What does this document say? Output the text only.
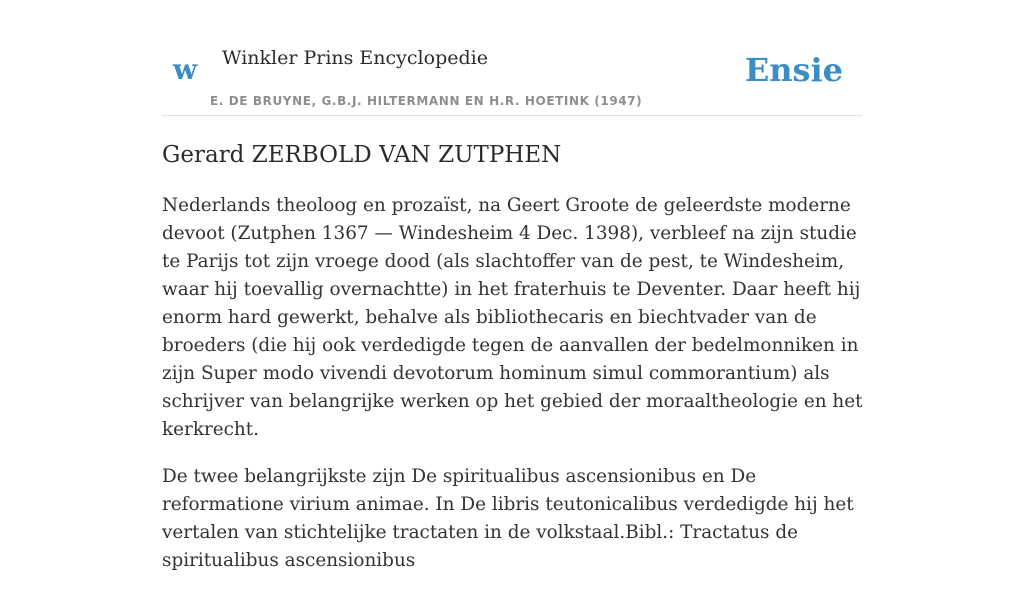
w Winkler Prins Encyclopedie
E. DE BRUYNE, G.B.J. HILTERMANN EN H.R. HOETINK (1947)
Ensie
Gerard ZERBOLD VAN ZUTPHEN

Nederlands theoloog en prozaïst, na Geert Groote de geleerdste moderne devoot (Zutphen 1367 — Windesheim 4 Dec. 1398), verbleef na zijn studie te Parijs tot zijn vroege dood (als slachtoffer van de pest, te Windesheim, waar hij toevallig overnachtte) in het fraterhuis te Deventer. Daar heeft hij enorm hard gewerkt, behalve als bibliothecaris en biechtvader van de broeders (die hij ook verdedigde tegen de aanvallen der bedelmonniken in zijn Super modo vivendi devotorum hominum simul commorantium) als schrijver van belangrijke werken op het gebied der moraaltheologie en het kerkrecht.

De twee belangrijkste zijn De spiritualibus ascensionibus en De reformatione virium animae. In De libris teutonicalibus verdedigde hij het vertalen van stichtelijke tractaten in de volkstaal.Bibl.: Tractatus de spiritualibus ascensionibus
